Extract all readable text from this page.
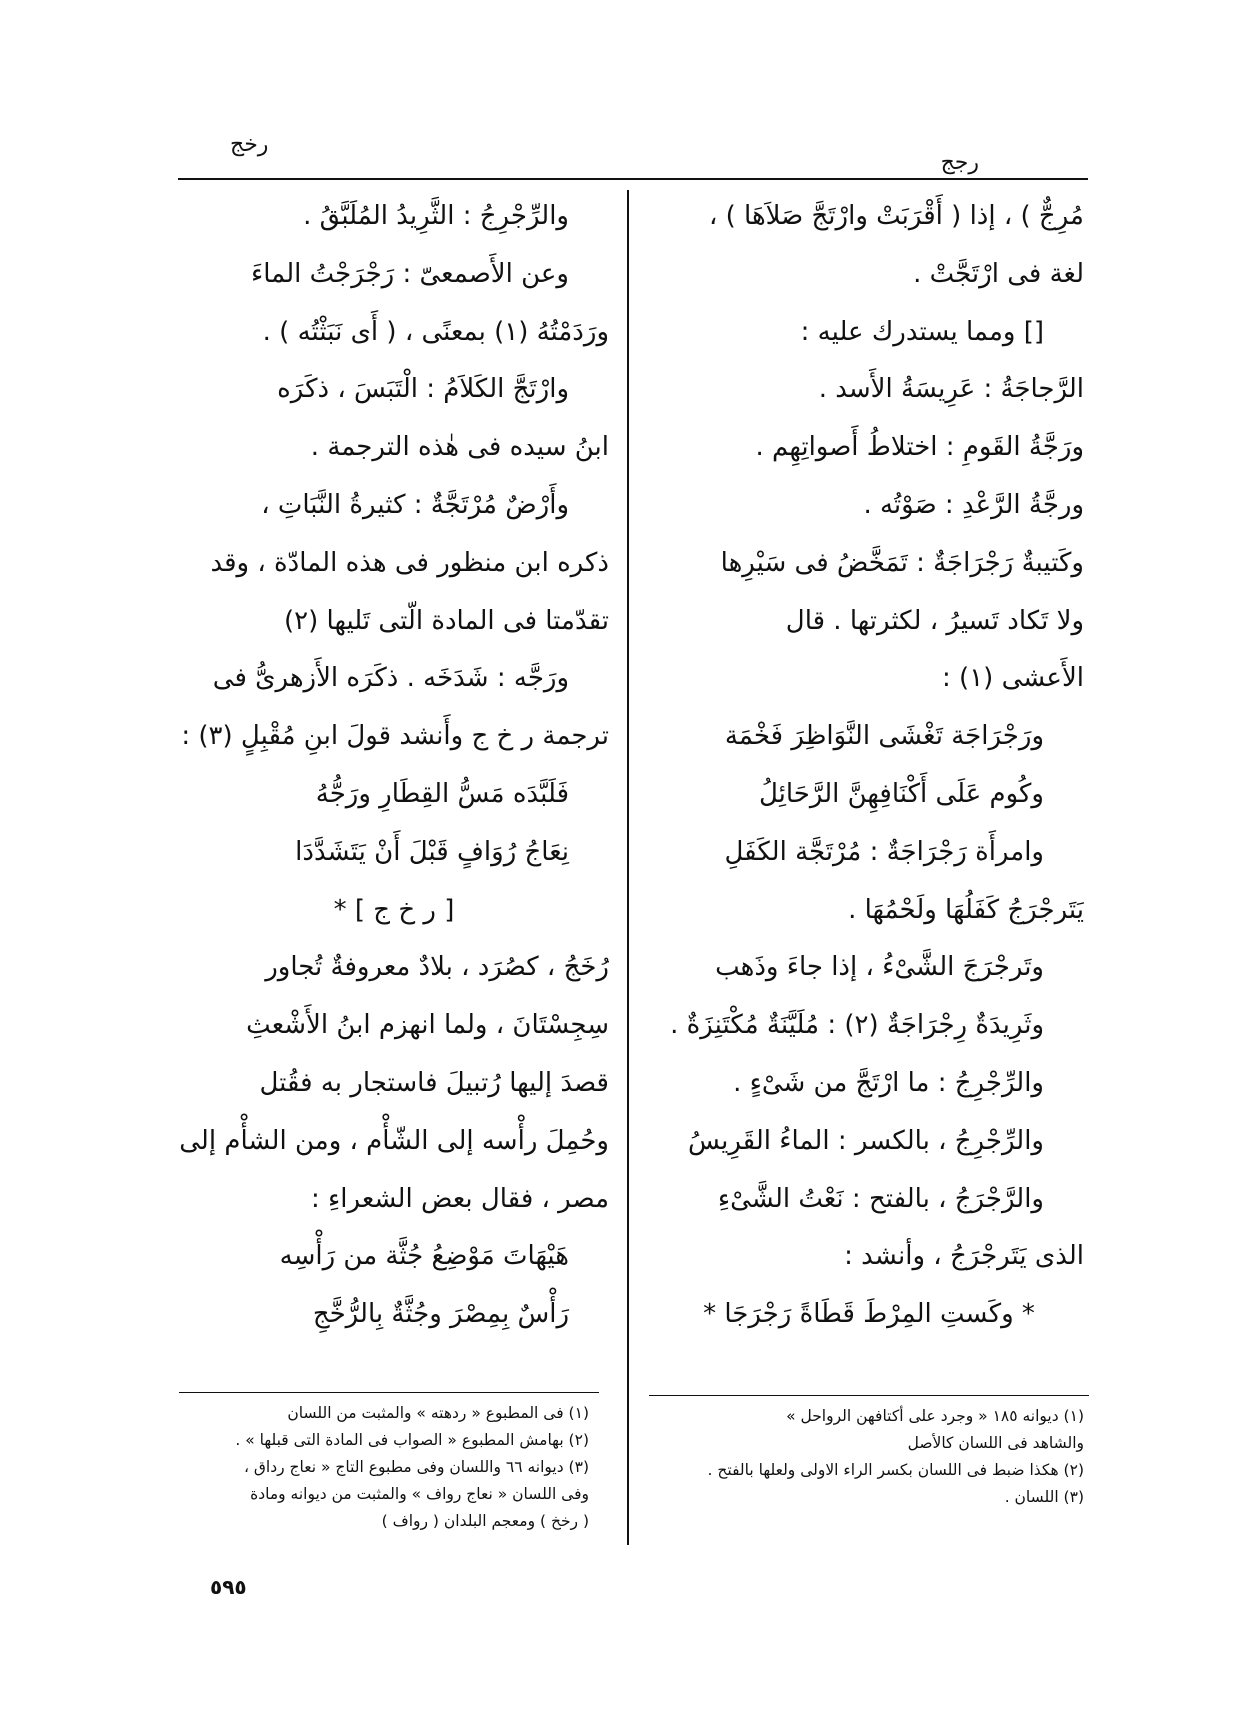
رجج
رخج
مُرِجٌّ ) ، إذا ( أَقْرَبَتْ وارْتَجَّ صَلاَهَا ) ،
لغة فى ارْتَجَّتْ .
[] ومما يستدرك عليه :
الرَّجاجَةُ : عَرِيسَةُ الأَسد .
ورَجَّةُ القَومِ : اختلاطُ أَصواتِهِم .
ورجَّةُ الرَّعْدِ : صَوْتُه .
وكَتيبةٌ رَجْرَاجَةٌ : تَمَخَّضُ فى سَيْرِها
ولا تَكاد تَسيرُ ، لكثرتها . قال
الأَعشى (١) :
ورَجْرَاجَة تَغْشَى النَّوَاظِرَ فَخْمَة
وكُوم عَلَى أَكْنَافِهِنَّ الرَّحَائِلُ
وامرأَة رَجْرَاجَةٌ : مُرْتَجَّة الكَفَلِ
يَتَرجْرَجُ كَفَلُهَا ولَحْمُهَا .
وتَرجْرَجَ الشَّىْءُ ، إذا جاءَ وذَهب
وثَرِيدَةٌ رِجْرَاجَةٌ (٢) : مُلَيَّنَةٌ مُكْتَنِزَةٌ .
والرِّجْرِجُ : ما ارْتَجَّ من شَىْءٍ .
والرِّجْرِجُ ، بالكسر : الماءُ القَرِيسُ
والرَّجْرَجُ ، بالفتح : نَعْتُ الشَّىْءِ
الذى يَتَرجْرَجُ ، وأنشد :
* وكَستِ المِرْطَ قَطَاةً رَجْرَجَا *
والرِّجْرِجُ : الثَّرِيدُ المُلَبَّقُ .
وعن الأَصمعىّ : رَجْرَجْتُ الماءَ
ورَدَمْتُهُ (١) بمعنًى ، ( أَى نَبَثْتُه ) .
وارْتَجَّ الكَلاَمُ : الْتَبَسَ ، ذكَرَه
ابنُ سيده فى هٰذه الترجمة .
وأَرْضٌ مُرْتَجَّةٌ : كثيرةُ النَّبَاتِ ،
ذكره ابن منظور فى هذه المادّة ، وقد
تقدّمتا فى المادة الّتى تَليها (٢)
ورَجَّه : شَدَخَه . ذكَرَه الأَزهرىُّ فى
ترجمة ر خ ج وأَنشد قولَ ابنِ مُقْبِلٍ (٣) :
فَلَبَّدَه مَسُّ القِطَارِ ورَجُّهُ
نِعَاجُ رُوَافٍ قَبْلَ أَنْ يَتَشَدَّدَا
[ ر خ ج ] *
رُخَجُ ، كصُرَد ، بلادٌ معروفةٌ تُجاور
سِجِسْتَانَ ، ولما انهزم ابنُ الأَشْعثِ
قصدَ إليها رُتبيلَ فاستجار به فقُتل
وحُمِلَ رأْسه إلى الشّأْم ، ومن الشأْم إلى
مصر ، فقال بعض الشعراءِ :
هَيْهَاتَ مَوْضِعُ جُثَّة من رَأْسِه
رَأْسٌ بِمِصْرَ وجُثَّةٌ بِالرُّخَّجِ
(١) ديوانه ١٨٥ « وجرد على أكتافهن الرواحل »
والشاهد فى اللسان كالأصل
(٢) هكذا ضبط فى اللسان بكسر الراء الاولى ولعلها بالفتح .
(٣) اللسان .
(١) فى المطبوع « ردهته » والمثبت من اللسان
(٢) بهامش المطبوع « الصواب فى المادة التى قبلها » .
(٣) ديوانه ٦٦ واللسان وفى مطبوع التاج « نعاج رداق ،
وفى اللسان « نعاج رواف » والمثبت من ديوانه ومادة
( رخخ ) ومعجم البلدان ( رواف )
٥٩٥
